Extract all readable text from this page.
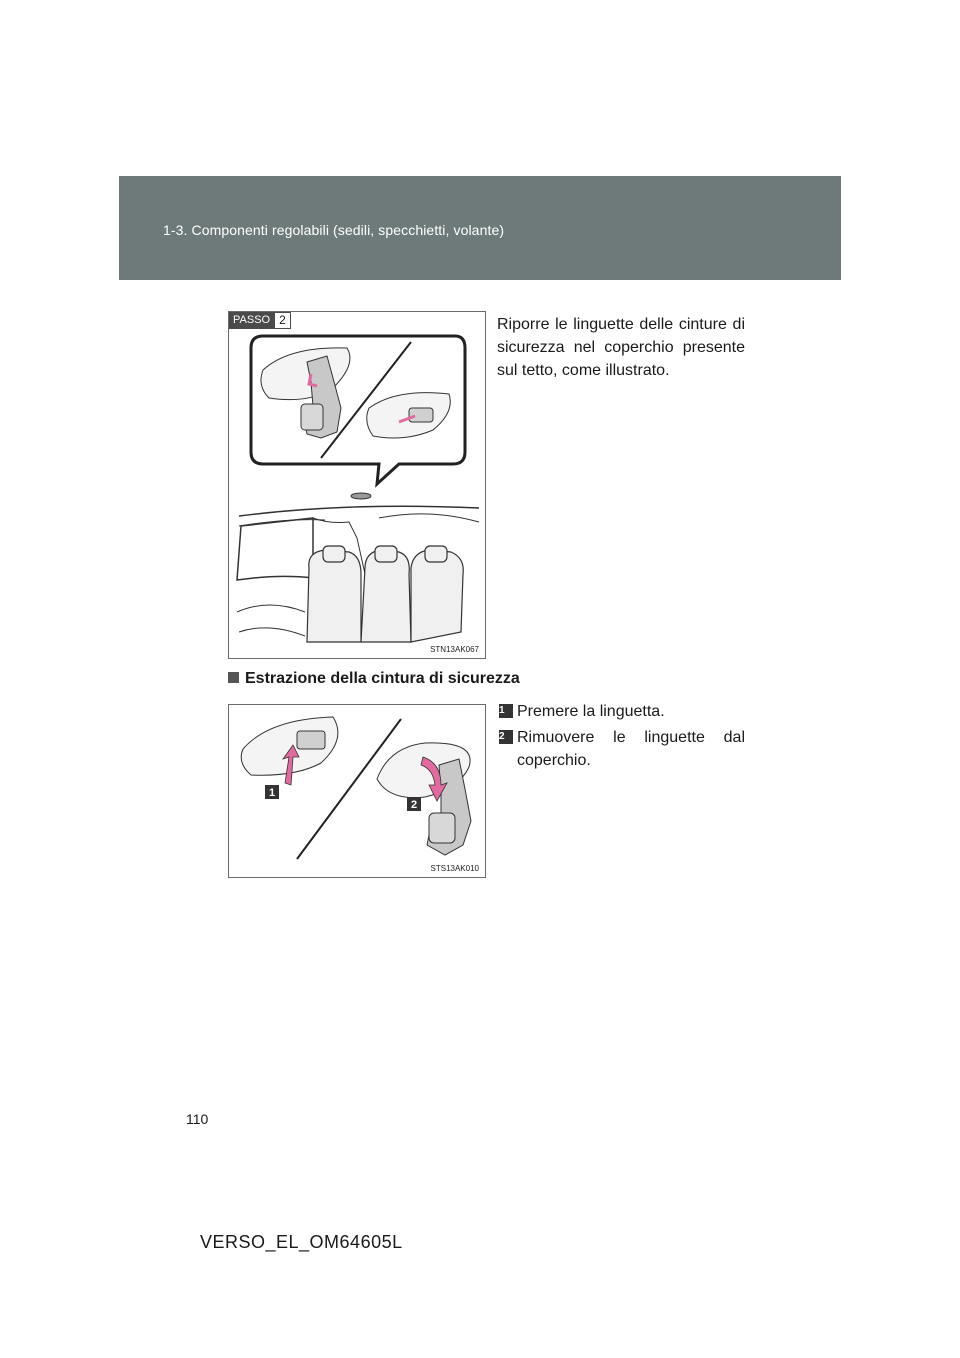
1-3. Componenti regolabili (sedili, specchietti, volante)
PASSO 2
STN13AK067
Riporre le linguette delle cinture di sicurezza nel coperchio presente sul tetto, come illustrato.
Estrazione della cintura di sicurezza
1
2
STS13AK010
1 Premere la linguetta.
2 Rimuovere le linguette dal coperchio.
110
VERSO_EL_OM64605L
